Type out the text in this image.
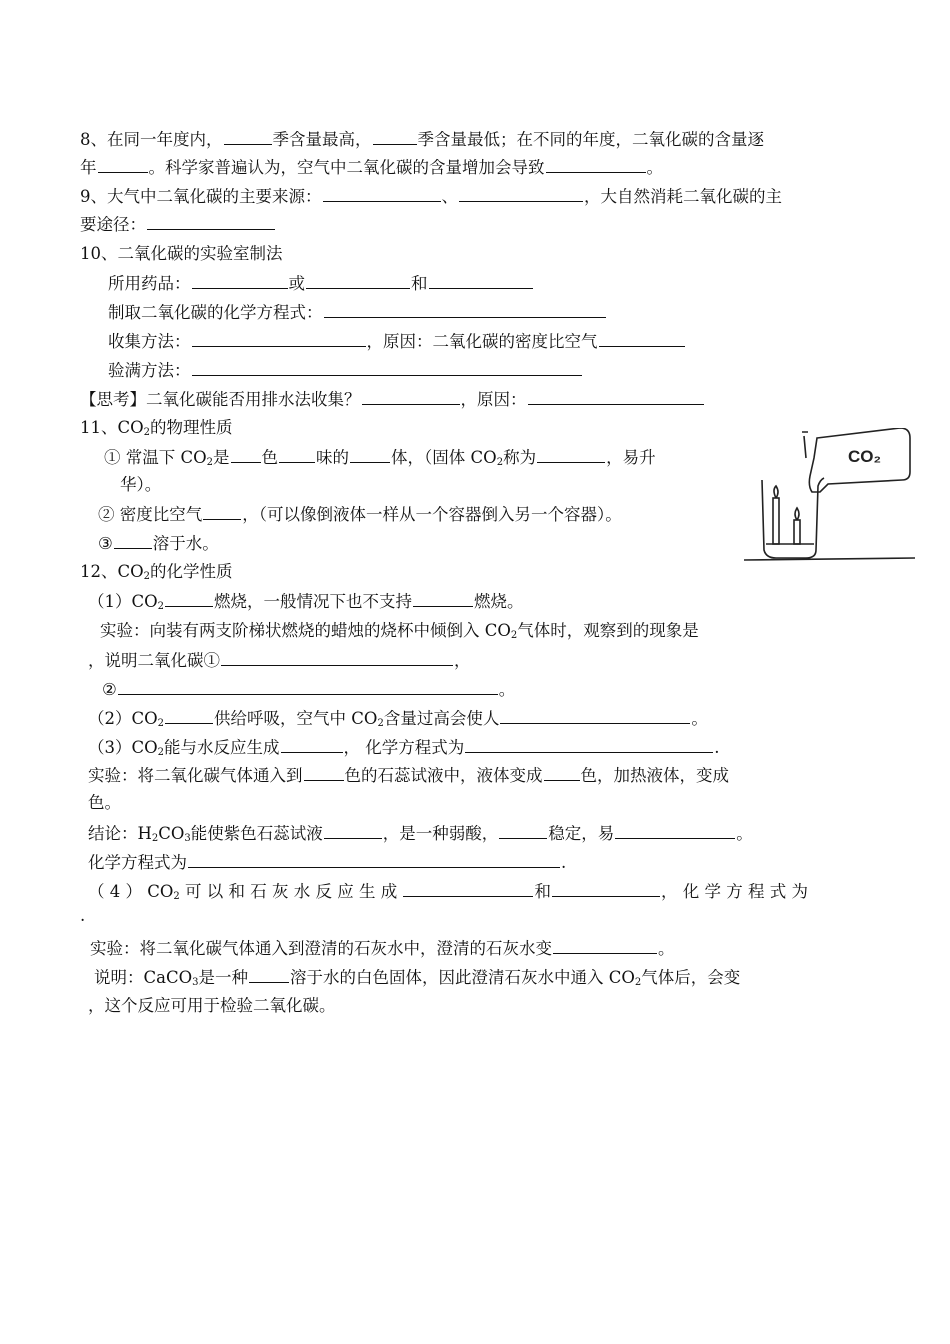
8、在同一年度内，	季含量最高，	季含量最低；在不同的年度，二氧化碳的含量逐
年	。科学家普遍认为，空气中二氧化碳的含量增加会导致	。
9、大气中二氧化碳的主要来源：	、	，大自然消耗二氧化碳的主
要途径：
10、二氧化碳的实验室制法
所用药品：	或	和
制取二氧化碳的化学方程式：
收集方法：	，原因：二氧化碳的密度比空气
验满方法：
【思考】二氧化碳能否用排水法收集？	，原因：
11、$CO_2$的物理性质
① 常温下 $CO_2$是 色 味的	体，（固体 $CO_2$称为	，易升
华）。
② 密度比空气 ，（可以像倒液体一样从一个容器倒入另一个容器）。
③ 溶于水。
CO₂
12、$CO_2$的化学性质
$(1)CO_2$	燃烧，一般情况下也不支持	燃烧。
实验：向装有两支阶梯状燃烧的蜡烛的烧杯中倾倒入 $CO_2$气体时，观察到的现象是
，说明二氧化碳①	，
②	。
$(2)CO_2$	供给呼吸，空气中 $CO_2$含量过高会使人	。
$(3)CO_2$能与水反应生成	， 化学方程式为	.
实验：将二氧化碳气体通入到	色的石蕊试液中，液体变成 色，加热液体，变成
色。
结论：$H_2CO_3$能使紫色石蕊试液	，是一种弱酸，	稳定，易	。
化学方程式为	.
（ 4 ） $CO_2$ 可 以 和 石 灰 水 反 应 生 成	和	， 化 学 方 程 式 为
.
实验：将二氧化碳气体通入到澄清的石灰水中，澄清的石灰水变	。
说明：CaCO$_3$是一种	溶于水的白色固体，因此澄清石灰水中通入 $CO_2$气体后，会变
，这个反应可用于检验二氧化碳。
